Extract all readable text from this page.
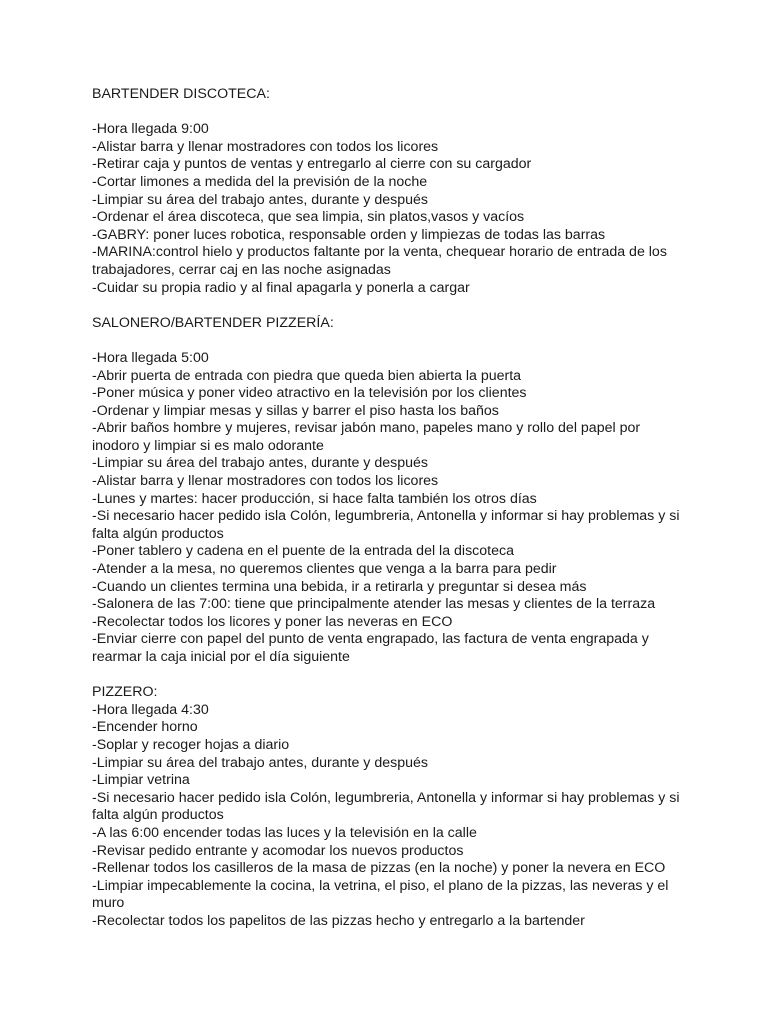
BARTENDER DISCOTECA:
-Hora llegada 9:00
-Alistar barra y llenar mostradores con todos los licores
-Retirar caja y puntos de ventas y entregarlo al cierre con su cargador
-Cortar limones a medida del la previsión de la noche
-Limpiar su área del trabajo antes, durante y después
-Ordenar el área discoteca, que sea limpia, sin platos,vasos y vacíos
-GABRY: poner luces robotica, responsable orden y limpiezas de todas las barras
-MARINA:control hielo y productos faltante por la venta, chequear horario de entrada de los trabajadores, cerrar caj en las noche asignadas
-Cuidar su propia radio y al final apagarla y ponerla a cargar
SALONERO/BARTENDER PIZZERÍA:
-Hora llegada 5:00
-Abrir puerta de entrada con piedra que queda bien abierta la puerta
-Poner música y poner video atractivo en la televisión por los clientes
-Ordenar y limpiar mesas y sillas y barrer el piso hasta los baños
-Abrir baños hombre y mujeres, revisar jabón mano, papeles mano y rollo del papel por inodoro y limpiar si es malo odorante
-Limpiar su área del trabajo antes, durante y después
-Alistar barra y llenar mostradores con todos los licores
-Lunes y martes: hacer producción, si hace falta también los otros días
-Si necesario hacer pedido isla Colón, legumbreria, Antonella y informar si hay problemas y si falta algún productos
-Poner tablero y cadena en el puente de la entrada del la discoteca
-Atender a la mesa, no queremos clientes que venga a la barra para pedir
-Cuando un clientes termina una bebida, ir a retirarla y preguntar si desea más
-Salonera de las 7:00: tiene que principalmente atender las mesas y clientes de la terraza
-Recolectar todos los licores y poner las neveras en ECO
-Enviar cierre con papel del punto de venta engrapado, las factura de venta engrapada y rearmar la caja inicial por el día siguiente
PIZZERO:
-Hora llegada 4:30
-Encender horno
-Soplar y recoger hojas a diario
-Limpiar su área del trabajo antes, durante y después
-Limpiar vetrina
-Si necesario hacer pedido isla Colón, legumbreria, Antonella y informar si hay problemas y si falta algún productos
-A las 6:00 encender todas las luces y la televisión en la calle
-Revisar pedido entrante y acomodar los nuevos productos
-Rellenar todos los casilleros de la masa de pizzas (en la noche) y poner la nevera en ECO
-Limpiar impecablemente la cocina, la vetrina, el piso, el plano de la pizzas, las neveras y el muro
-Recolectar todos los papelitos de las pizzas hecho y entregarlo a la bartender
